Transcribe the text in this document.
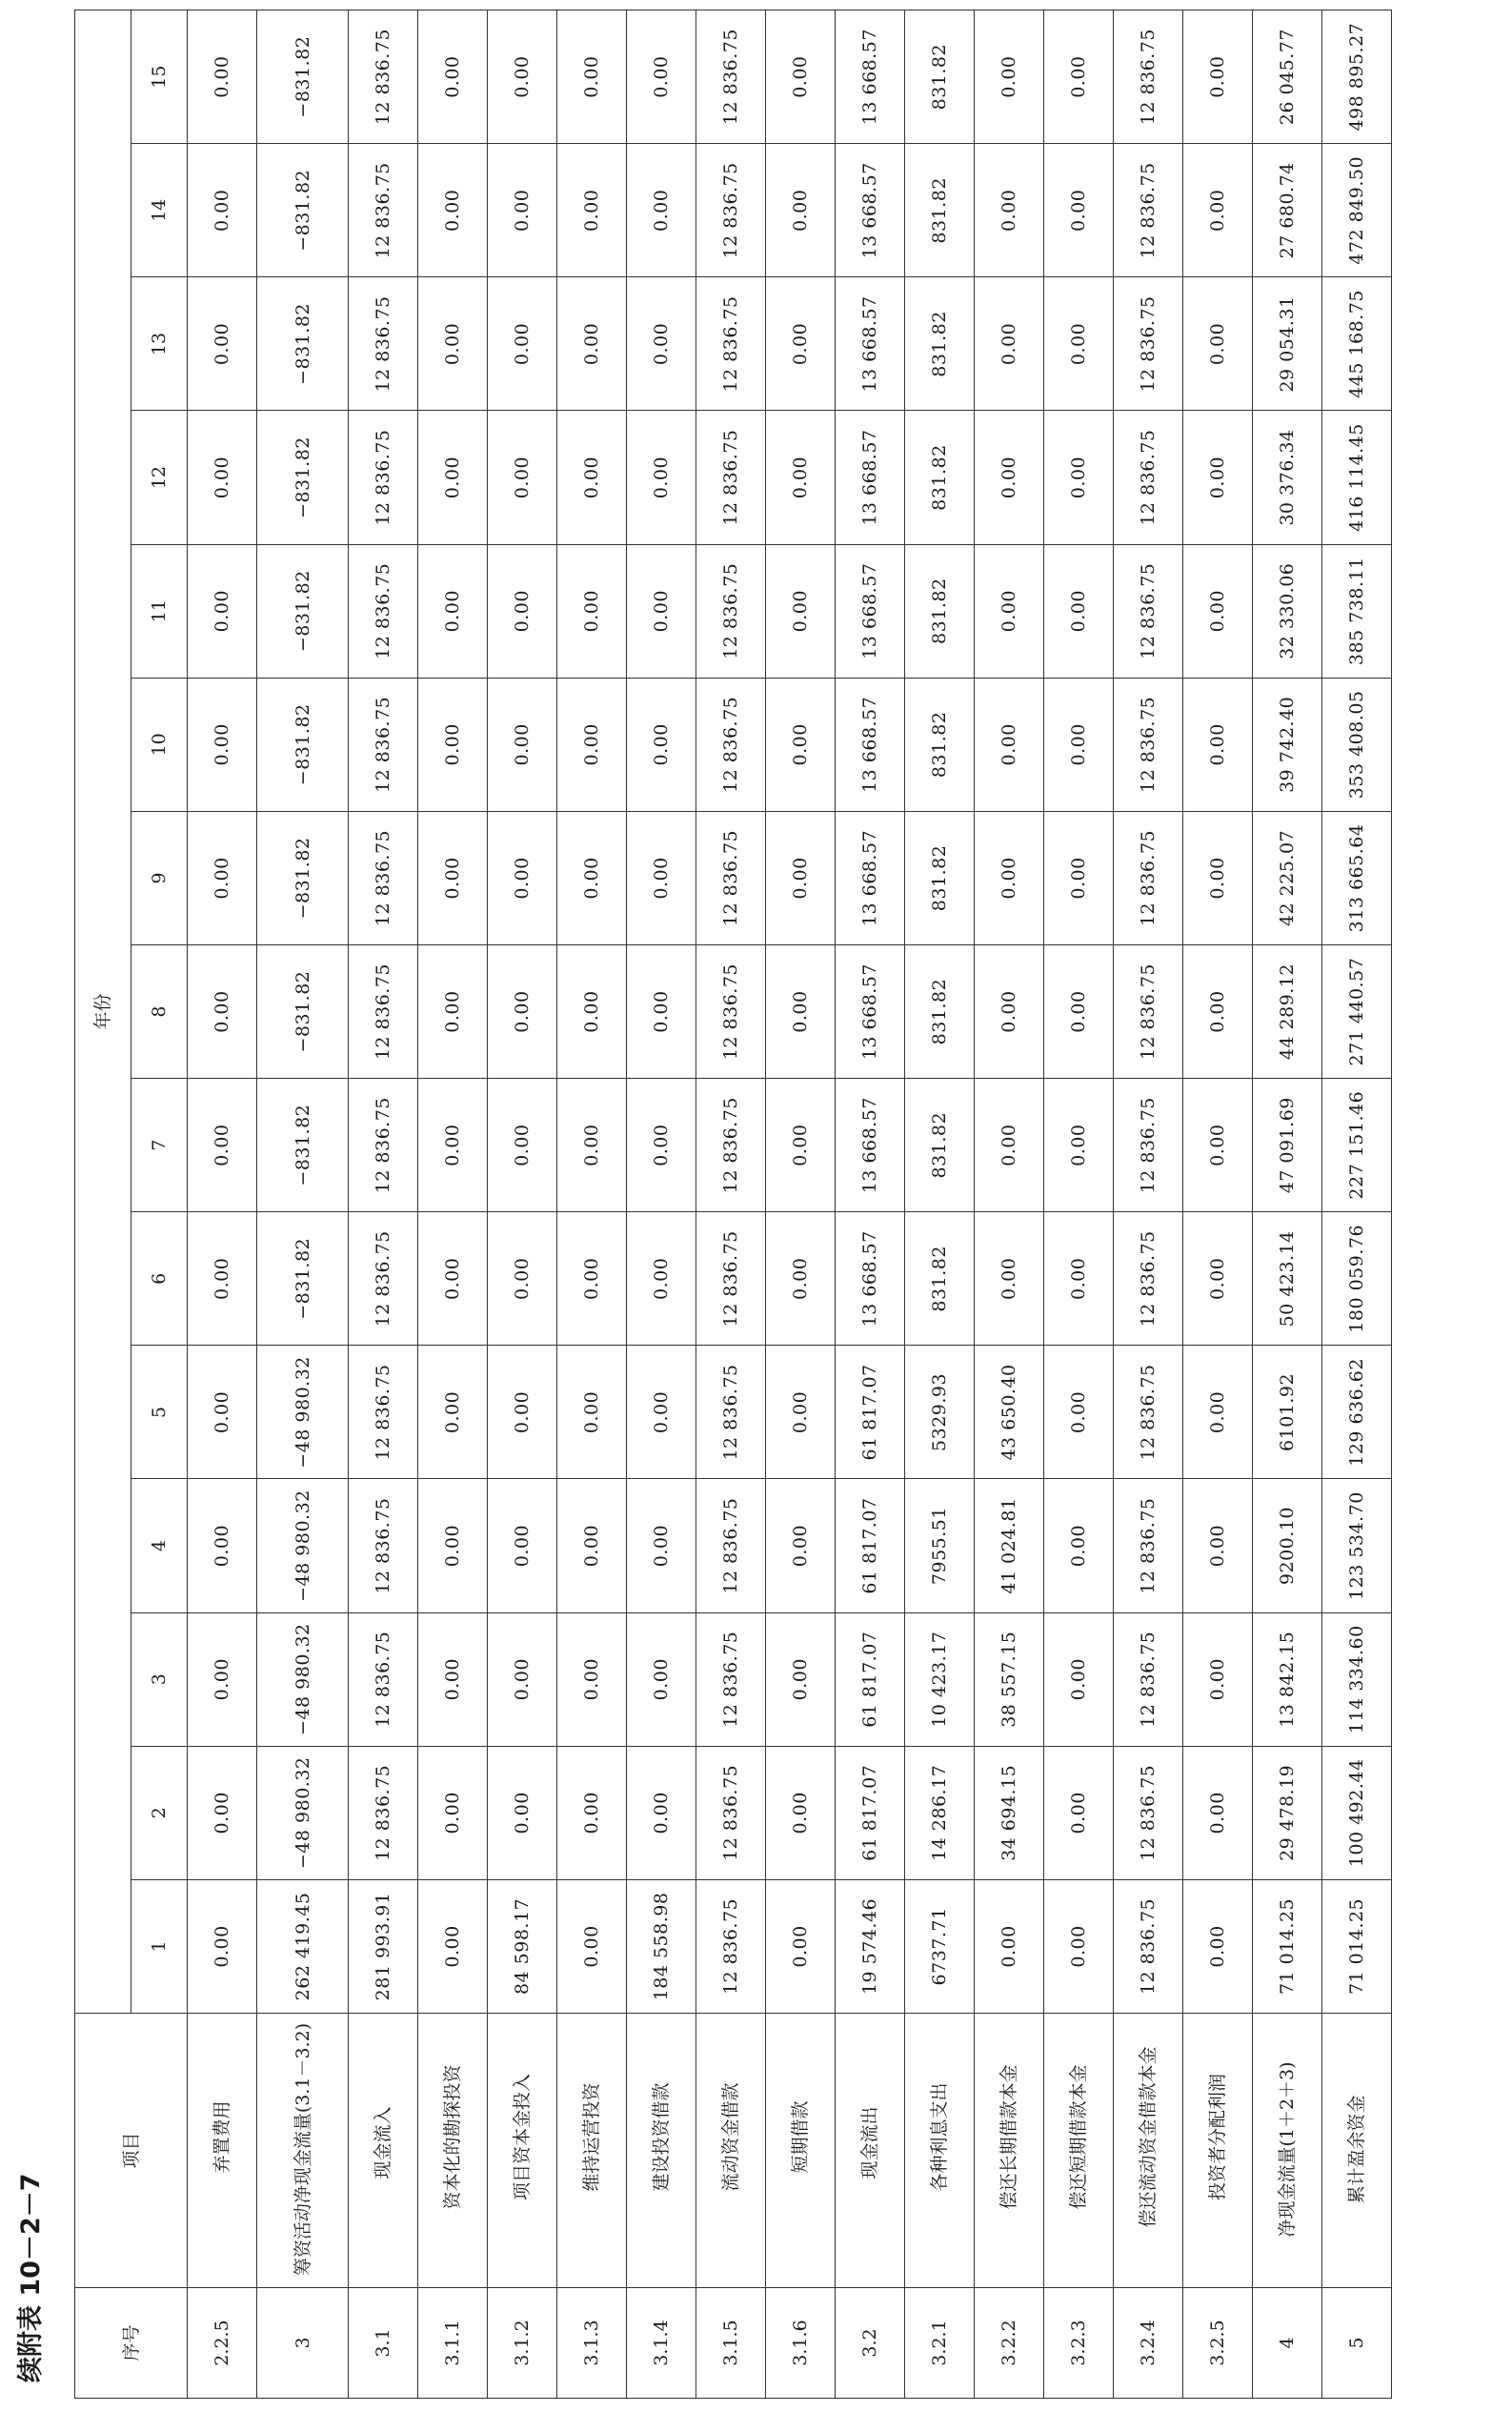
续附表 10－2－7	序号	项目	年份														
		1	2	3	4	5	6	7	8	9	10	11	12	13	14	15
2.2.5	弃置费用	0.00	0.00	0.00	0.00	0.00	0.00	0.00	0.00	0.00	0.00	0.00	0.00	0.00	0.00	0.00
3	筹资活动净现金流量(3.1－3.2)	262 419.45	−48 980.32	−48 980.32	−48 980.32	−48 980.32	−831.82	−831.82	−831.82	−831.82	−831.82	−831.82	−831.82	−831.82	−831.82	−831.82
3.1	现金流入	281 993.91	12 836.75	12 836.75	12 836.75	12 836.75	12 836.75	12 836.75	12 836.75	12 836.75	12 836.75	12 836.75	12 836.75	12 836.75	12 836.75	12 836.75
3.1.1	资本化的勘探投资	0.00	0.00	0.00	0.00	0.00	0.00	0.00	0.00	0.00	0.00	0.00	0.00	0.00	0.00	0.00
3.1.2	项目资本金投入	84 598.17	0.00	0.00	0.00	0.00	0.00	0.00	0.00	0.00	0.00	0.00	0.00	0.00	0.00	0.00
3.1.3	维持运营投资	0.00	0.00	0.00	0.00	0.00	0.00	0.00	0.00	0.00	0.00	0.00	0.00	0.00	0.00	0.00
3.1.4	建设投资借款	184 558.98	0.00	0.00	0.00	0.00	0.00	0.00	0.00	0.00	0.00	0.00	0.00	0.00	0.00	0.00
3.1.5	流动资金借款	12 836.75	12 836.75	12 836.75	12 836.75	12 836.75	12 836.75	12 836.75	12 836.75	12 836.75	12 836.75	12 836.75	12 836.75	12 836.75	12 836.75	12 836.75
3.1.6	短期借款	0.00	0.00	0.00	0.00	0.00	0.00	0.00	0.00	0.00	0.00	0.00	0.00	0.00	0.00	0.00
3.2	现金流出	19 574.46	61 817.07	61 817.07	61 817.07	61 817.07	13 668.57	13 668.57	13 668.57	13 668.57	13 668.57	13 668.57	13 668.57	13 668.57	13 668.57	13 668.57
3.2.1	各种利息支出	6737.71	14 286.17	10 423.17	7955.51	5329.93	831.82	831.82	831.82	831.82	831.82	831.82	831.82	831.82	831.82	831.82
3.2.2	偿还长期借款本金	0.00	34 694.15	38 557.15	41 024.81	43 650.40	0.00	0.00	0.00	0.00	0.00	0.00	0.00	0.00	0.00	0.00
3.2.3	偿还短期借款本金	0.00	0.00	0.00	0.00	0.00	0.00	0.00	0.00	0.00	0.00	0.00	0.00	0.00	0.00	0.00
3.2.4	偿还流动资金借款本金	12 836.75	12 836.75	12 836.75	12 836.75	12 836.75	12 836.75	12 836.75	12 836.75	12 836.75	12 836.75	12 836.75	12 836.75	12 836.75	12 836.75	12 836.75
3.2.5	投资者分配利润	0.00	0.00	0.00	0.00	0.00	0.00	0.00	0.00	0.00	0.00	0.00	0.00	0.00	0.00	0.00
4	净现金流量(1＋2＋3)	71 014.25	29 478.19	13 842.15	9200.10	6101.92	50 423.14	47 091.69	44 289.12	42 225.07	39 742.40	32 330.06	30 376.34	29 054.31	27 680.74	26 045.77
5	累计盈余资金	71 014.25	100 492.44	114 334.60	123 534.70	129 636.62	180 059.76	227 151.46	271 440.57	313 665.64	353 408.05	385 738.11	416 114.45	445 168.75	472 849.50	498 895.27
